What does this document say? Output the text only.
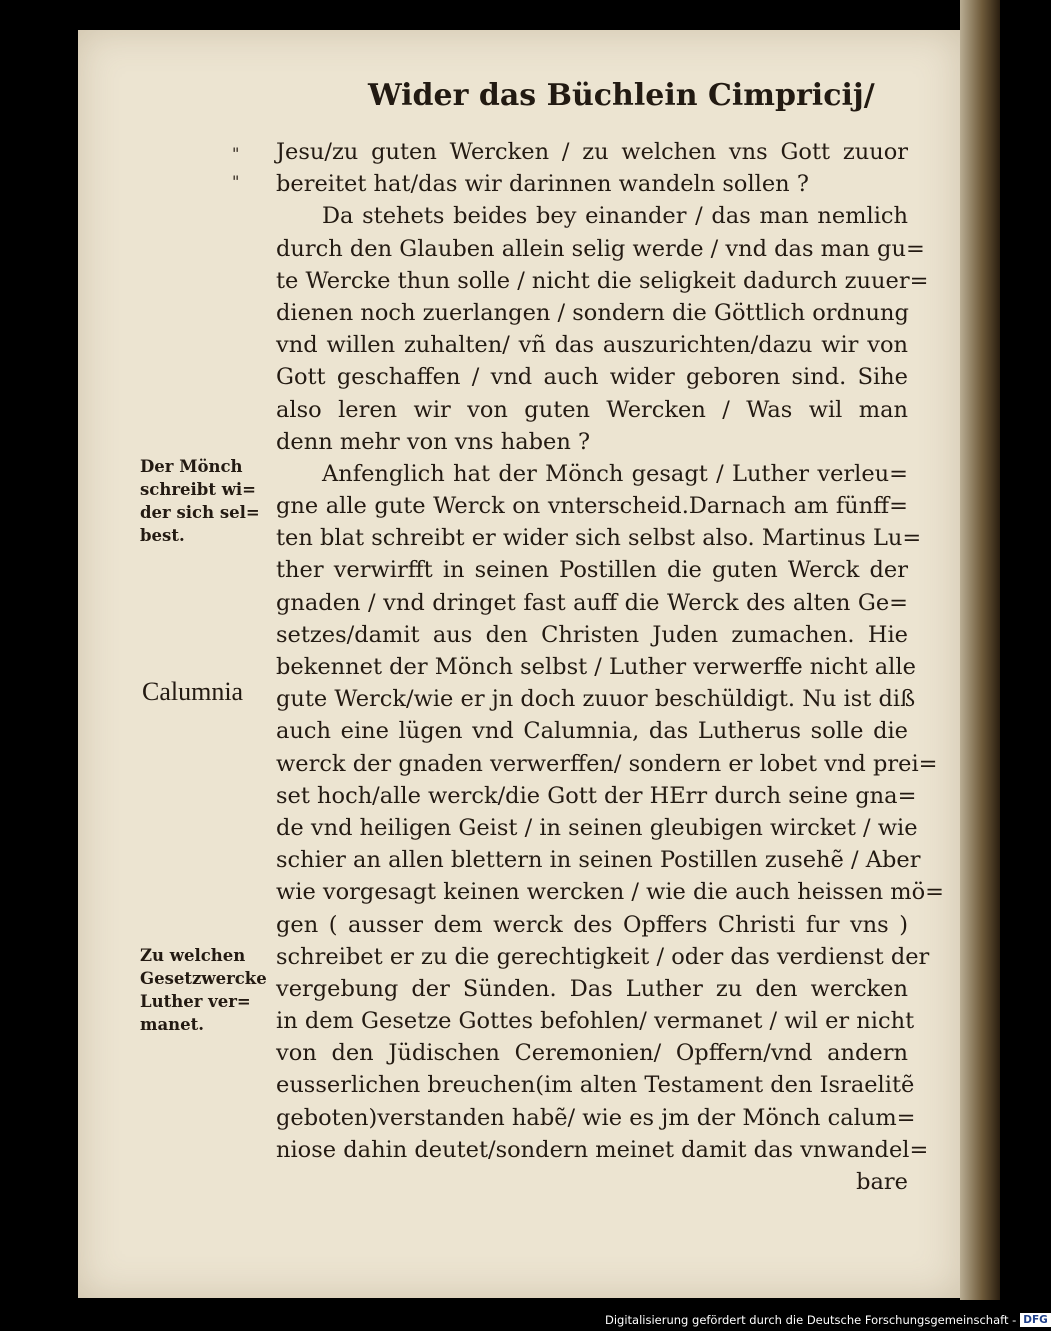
Wider das Büchlein Cimpricij/
"
"
Jesu/zu guten Wercken / zu welchen vns Gott zuuor
bereitet hat/das wir darinnen wandeln sollen ?
Da stehets beides bey einander / das man nemlich
durch den Glauben allein selig werde / vnd das man gu=
te Wercke thun solle / nicht die seligkeit dadurch zuuer=
dienen noch zuerlangen / sondern die Göttlich ordnung
vnd willen zuhalten/ vñ das auszurichten/dazu wir von
Gott geschaffen / vnd auch wider geboren sind. Sihe
also leren wir von guten Wercken / Was wil man
denn mehr von vns haben ?
Anfenglich hat der Mönch gesagt / Luther verleu=
gne alle gute Werck on vnterscheid.Darnach am fünff=
ten blat schreibt er wider sich selbst also. Martinus Lu=
ther verwirfft in seinen Postillen die guten Werck der
gnaden / vnd dringet fast auff die Werck des alten Ge=
setzes/damit aus den Christen Juden zumachen. Hie
bekennet der Mönch selbst / Luther verwerffe nicht alle
gute Werck/wie er jn doch zuuor beschüldigt. Nu ist diß
auch eine lügen vnd Calumnia, das Lutherus solle die
werck der gnaden verwerffen/ sondern er lobet vnd prei=
set hoch/alle werck/die Gott der HErr durch seine gna=
de vnd heiligen Geist / in seinen gleubigen wircket / wie
schier an allen blettern in seinen Postillen zusehẽ / Aber
wie vorgesagt keinen wercken / wie die auch heissen mö=
gen ( ausser dem werck des Opffers Christi fur vns )
schreibet er zu die gerechtigkeit / oder das verdienst der
vergebung der Sünden. Das Luther zu den wercken
in dem Gesetze Gottes befohlen/ vermanet / wil er nicht
von den Jüdischen Ceremonien/ Opffern/vnd andern
eusserlichen breuchen(im alten Testament den Israelitẽ
geboten)verstanden habẽ/ wie es jm der Mönch calum=
niose dahin deutet/sondern meinet damit das vnwandel=
bare
Der Mönch
schreibt wi=
der sich sel=
best.
Calumnia
Zu welchen
Gesetzwercke
Luther ver=
manet.
Digitalisierung gefördert durch die Deutsche Forschungsgemeinschaft - DFG
